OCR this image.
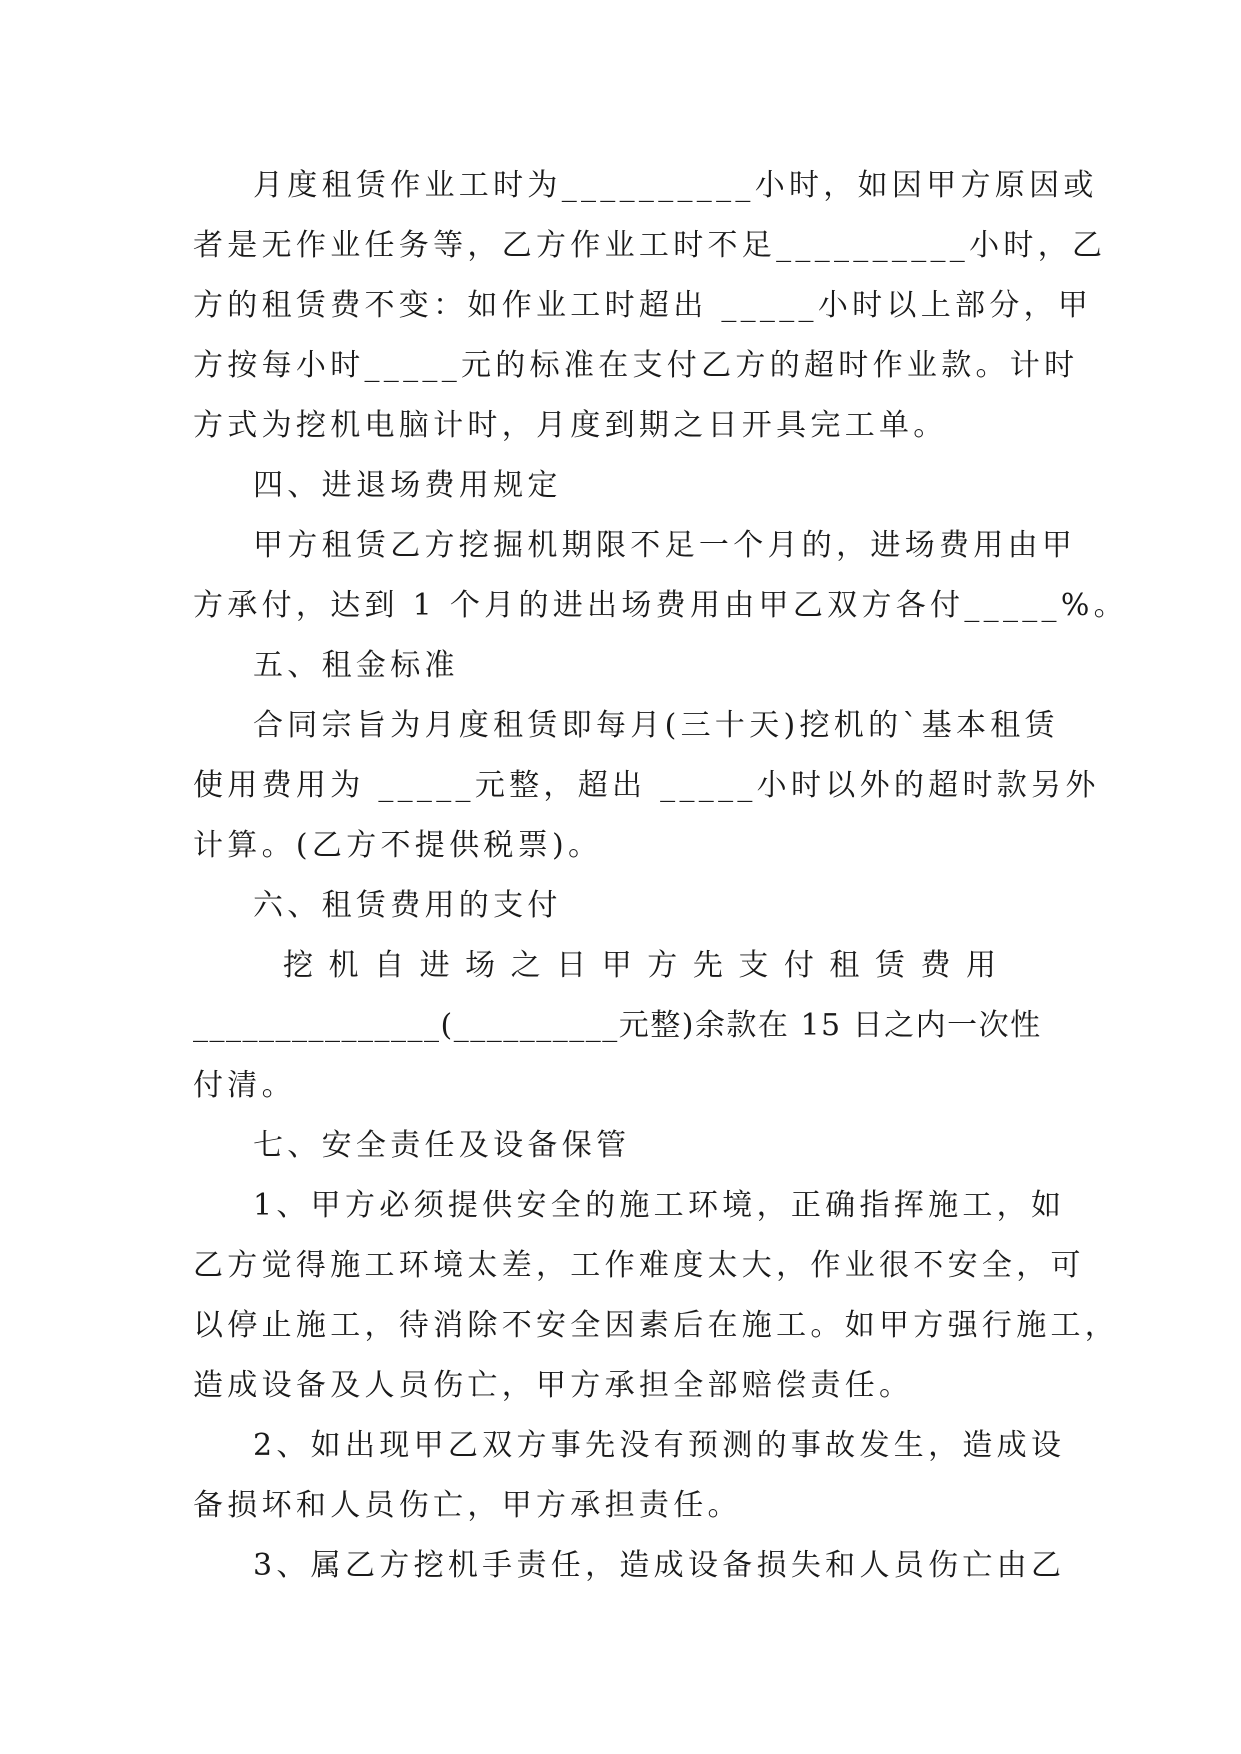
月度租赁作业工时为__________小时，如因甲方原因或
者是无作业任务等，乙方作业工时不足__________小时，乙
方的租赁费不变：如作业工时超出 _____小时以上部分，甲
方按每小时_____元的标准在支付乙方的超时作业款。计时
方式为挖机电脑计时，月度到期之日开具完工单。
四、进退场费用规定
甲方租赁乙方挖掘机期限不足一个月的，进场费用由甲
方承付，达到 1 个月的进出场费用由甲乙双方各付_____%。
五、租金标准
合同宗旨为月度租赁即每月(三十天)挖机的`基本租赁
使用费用为 _____元整，超出 _____小时以外的超时款另外
计算。(乙方不提供税票)。
六、租赁费用的支付
挖 机 自 进 场 之 日 甲 方 先 支 付 租 赁 费 用
_______________(__________元整)余款在 15 日之内一次性
付清。
七、安全责任及设备保管
1、甲方必须提供安全的施工环境，正确指挥施工，如
乙方觉得施工环境太差，工作难度太大，作业很不安全，可
以停止施工，待消除不安全因素后在施工。如甲方强行施工，
造成设备及人员伤亡，甲方承担全部赔偿责任。
2、如出现甲乙双方事先没有预测的事故发生，造成设
备损坏和人员伤亡，甲方承担责任。
3、属乙方挖机手责任，造成设备损失和人员伤亡由乙
